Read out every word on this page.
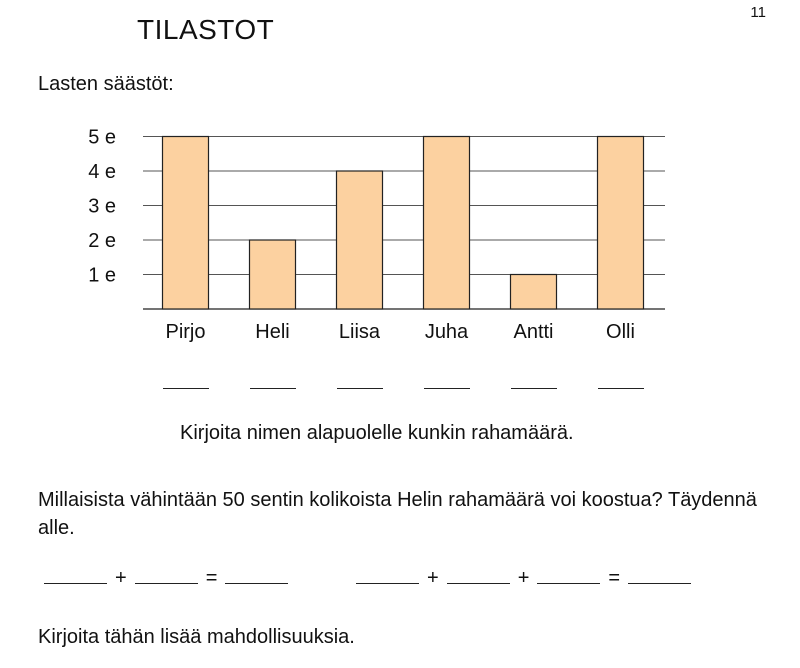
11
TILASTOT
Lasten säästöt:
1 e
2 e
3 e
4 e
5 e
Pirjo Heli Liisa Juha Antti	Olli
Kirjoita nimen alapuolelle kunkin rahamäärä.
Millaisista vähintään 50 sentin kolikoista Helin rahamäärä voi koostua? Täydennä alle.
+	=	+	+	=
Kirjoita tähän lisää mahdollisuuksia.
